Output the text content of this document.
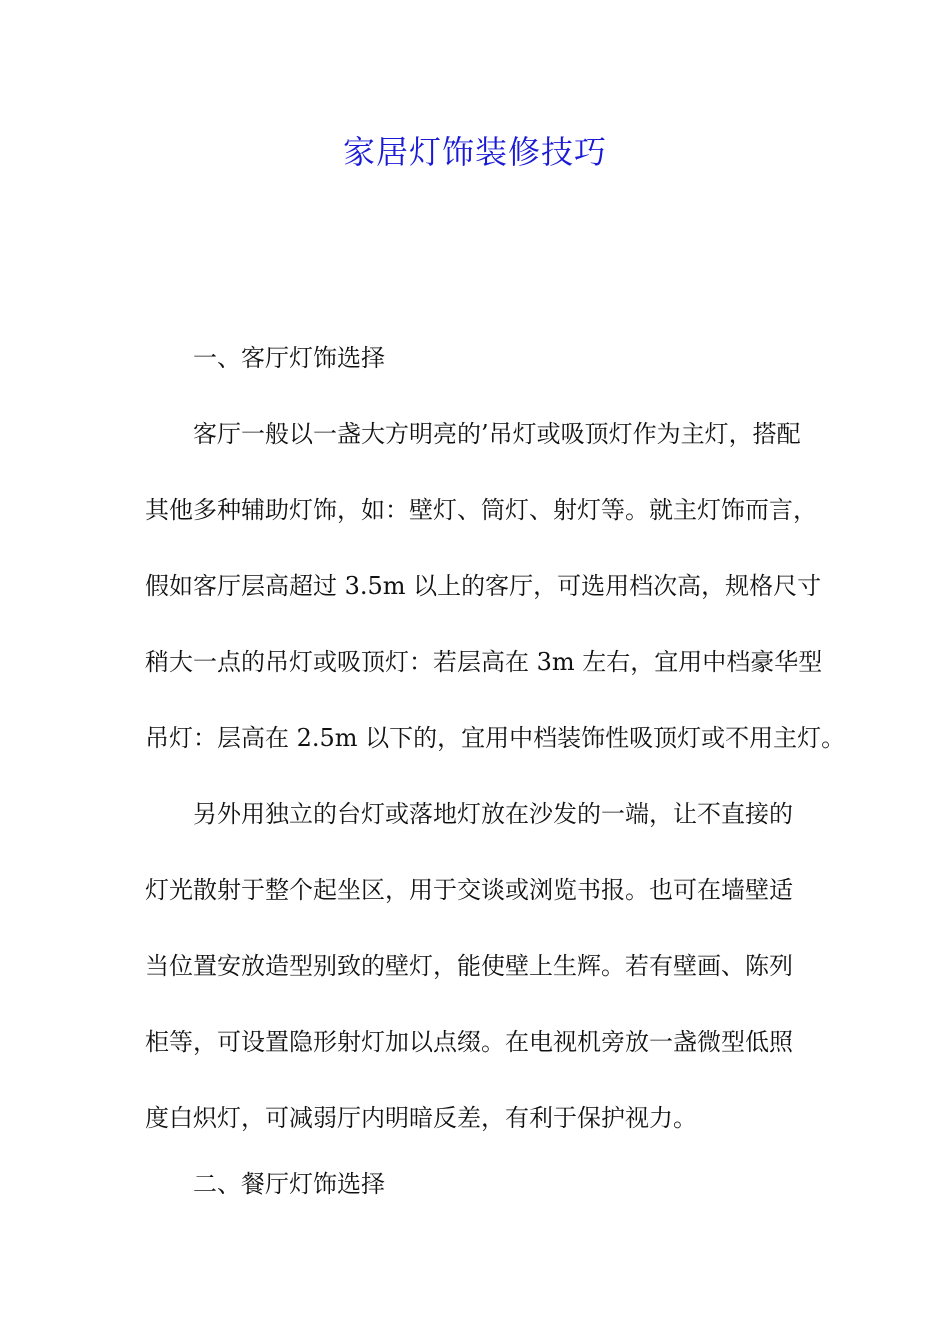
家居灯饰装修技巧
一、客厅灯饰选择
客厅一般以一盏大方明亮的’吊灯或吸顶灯作为主灯，搭配
其他多种辅助灯饰，如：壁灯、筒灯、射灯等。就主灯饰而言，
假如客厅层高超过 3.5m 以上的客厅，可选用档次高，规格尺寸
稍大一点的吊灯或吸顶灯：若层高在 3m 左右，宜用中档豪华型
吊灯：层高在 2.5m 以下的，宜用中档装饰性吸顶灯或不用主灯。
另外用独立的台灯或落地灯放在沙发的一端，让不直接的
灯光散射于整个起坐区，用于交谈或浏览书报。也可在墙壁适
当位置安放造型别致的壁灯，能使壁上生辉。若有壁画、陈列
柜等，可设置隐形射灯加以点缀。在电视机旁放一盏微型低照
度白炽灯，可减弱厅内明暗反差，有利于保护视力。
二、餐厅灯饰选择
